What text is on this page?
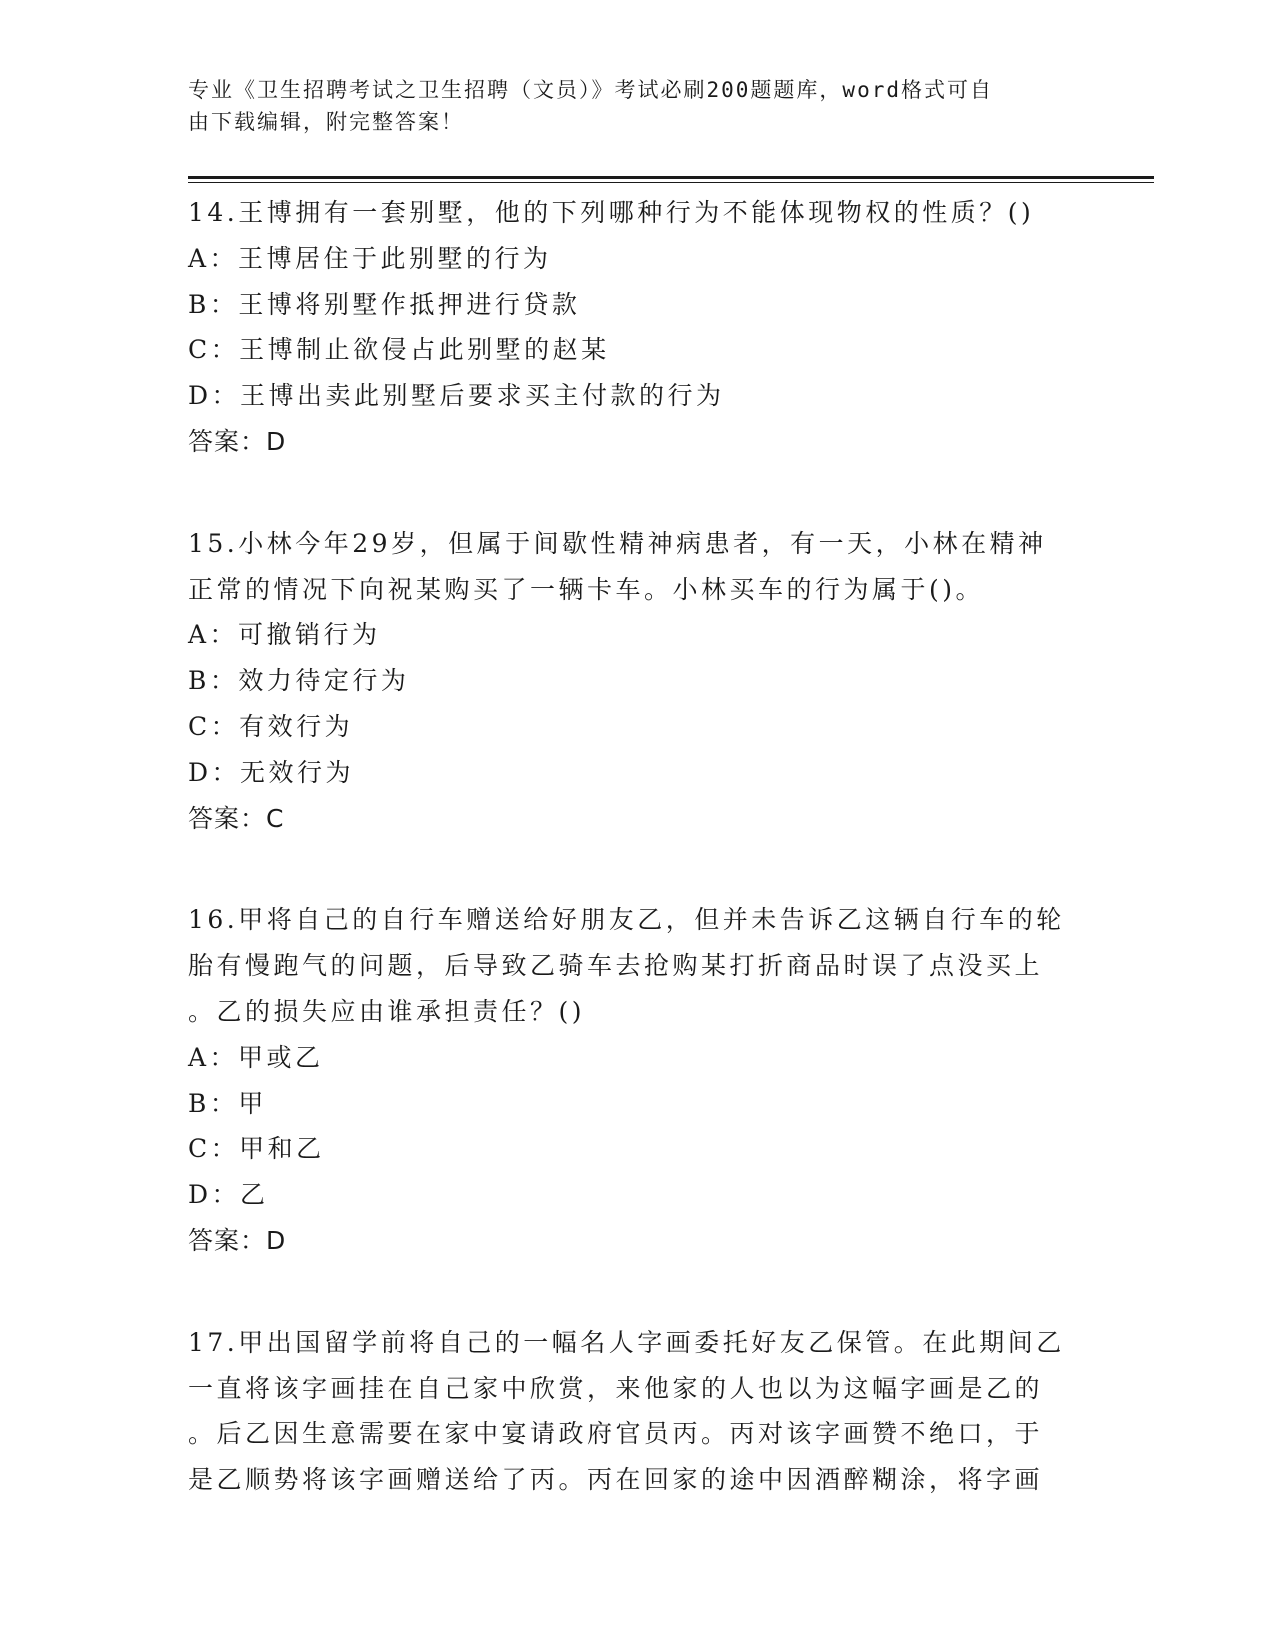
专业《卫生招聘考试之卫生招聘（文员）》考试必刷200题题库，word格式可自
由下载编辑，附完整答案！
14.王博拥有一套别墅，他的下列哪种行为不能体现物权的性质？()
A：王博居住于此别墅的行为
B：王博将别墅作抵押进行贷款
C：王博制止欲侵占此别墅的赵某
D：王博出卖此别墅后要求买主付款的行为
答案：D
15.小林今年29岁，但属于间歇性精神病患者，有一天，小林在精神
正常的情况下向祝某购买了一辆卡车。小林买车的行为属于()。
A：可撤销行为
B：效力待定行为
C：有效行为
D：无效行为
答案：C
16.甲将自己的自行车赠送给好朋友乙，但并未告诉乙这辆自行车的轮
胎有慢跑气的问题，后导致乙骑车去抢购某打折商品时误了点没买上
。乙的损失应由谁承担责任？()
A：甲或乙
B：甲
C：甲和乙
D：乙
答案：D
17.甲出国留学前将自己的一幅名人字画委托好友乙保管。在此期间乙
一直将该字画挂在自己家中欣赏，来他家的人也以为这幅字画是乙的
。后乙因生意需要在家中宴请政府官员丙。丙对该字画赞不绝口，于
是乙顺势将该字画赠送给了丙。丙在回家的途中因酒醉糊涂，将字画
